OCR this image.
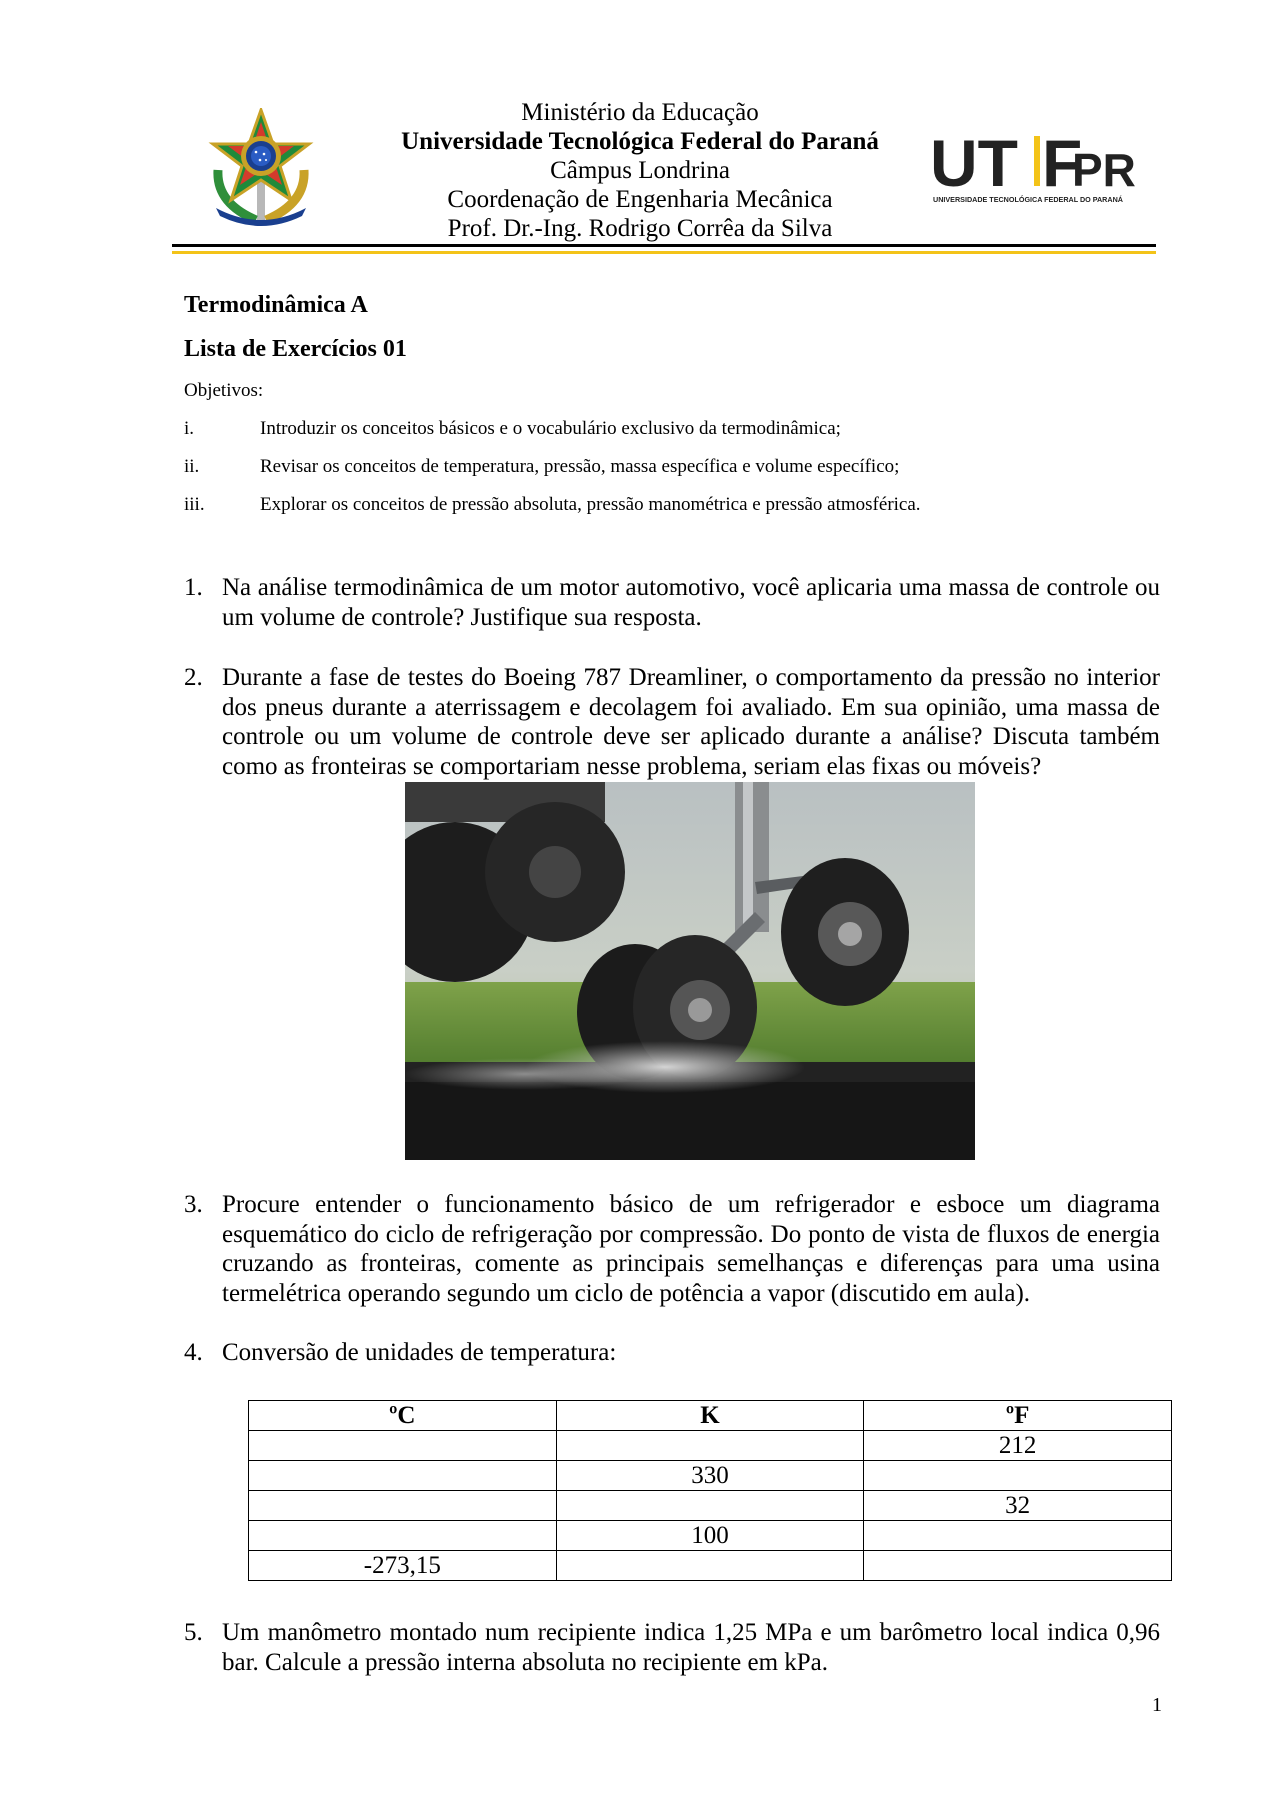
Ministério da Educação
Universidade Tecnológica Federal do Paraná
Câmpus Londrina
Coordenação de Engenharia Mecânica
Prof. Dr.-Ing. Rodrigo Corrêa da Silva
UT F
PR
UNIVERSIDADE TECNOLÓGICA FEDERAL DO PARANÁ
Termodinâmica A
Lista de Exercícios 01
Objetivos:
i.	Introduzir os conceitos básicos e o vocabulário exclusivo da termodinâmica;
ii.	Revisar os conceitos de temperatura, pressão, massa específica e volume específico;
iii.	Explorar os conceitos de pressão absoluta, pressão manométrica e pressão atmosférica.
1. Na análise termodinâmica de um motor automotivo, você aplicaria uma massa de controle ou um volume de controle? Justifique sua resposta.
2. Durante a fase de testes do Boeing 787 Dreamliner, o comportamento da pressão no interior dos pneus durante a aterrissagem e decolagem foi avaliado. Em sua opinião, uma massa de controle ou um volume de controle deve ser aplicado durante a análise? Discuta também como as fronteiras se comportariam nesse problema, seriam elas fixas ou móveis?
3. Procure entender o funcionamento básico de um refrigerador e esboce um diagrama esquemático do ciclo de refrigeração por compressão. Do ponto de vista de fluxos de energia cruzando as fronteiras, comente as principais semelhanças e diferenças para uma usina termelétrica operando segundo um ciclo de potência a vapor (discutido em aula).
4. Conversão de unidades de temperatura:
ºC	K	ºF
		212
	330	
		32
	100	
-273,15		
5. Um manômetro montado num recipiente indica 1,25 MPa e um barômetro local indica 0,96 bar. Calcule a pressão interna absoluta no recipiente em kPa.
1
